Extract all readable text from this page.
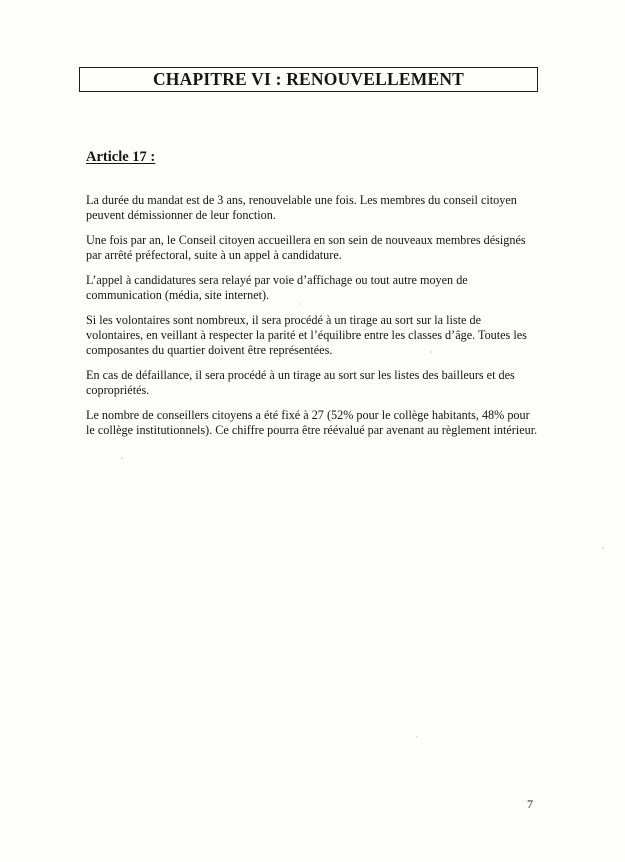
CHAPITRE VI : RENOUVELLEMENT
Article 17 :

La durée du mandat est de 3 ans, renouvelable une fois. Les membres du conseil citoyen peuvent démissionner de leur fonction.

Une fois par an, le Conseil citoyen accueillera en son sein de nouveaux membres désignés par arrêté préfectoral, suite à un appel à candidature.

L’appel à candidatures sera relayé par voie d’affichage ou tout autre moyen de communication (média, site internet).

Si les volontaires sont nombreux, il sera procédé à un tirage au sort sur la liste de volontaires, en veillant à respecter la parité et l’équilibre entre les classes d’âge. Toutes les composantes du quartier doivent être représentées.

En cas de défaillance, il sera procédé à un tirage au sort sur les listes des bailleurs et des copropriétés.

Le nombre de conseillers citoyens a été fixé à 27 (52% pour le collège habitants, 48% pour le collège institutionnels). Ce chiffre pourra être réévalué par avenant au règlement intérieur.

7
